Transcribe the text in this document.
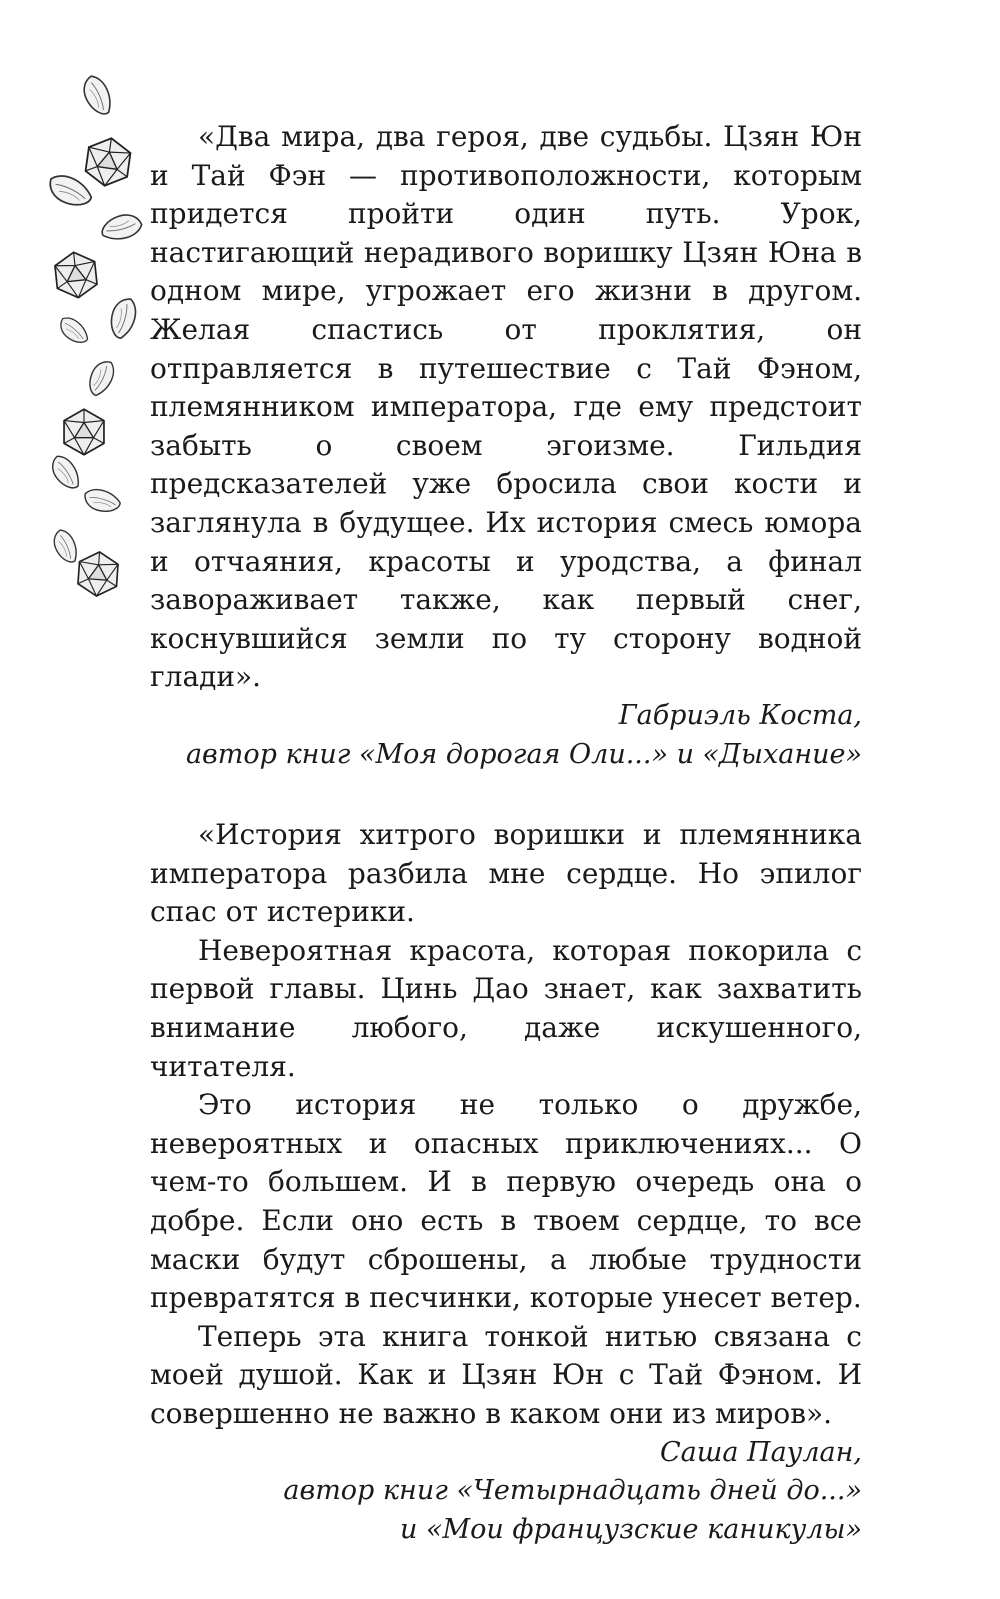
«Два мира, два героя, две судьбы. Цзян Юн и Тай Фэн — противоположности, которым придется пройти один путь. Урок, настигающий нерадивого воришку Цзян Юна в одном мире, угрожает его жизни в другом. Желая спастись от проклятия, он отправляется в путешествие с Тай Фэном, племянником императора, где ему предстоит забыть о своем эгоизме. Гильдия предсказателей уже бросила свои кости и заглянула в будущее. Их история смесь юмора и отчаяния, красоты и уродства, а финал завораживает также, как первый снег, коснувшийся земли по ту сторону водной глади».

Габриэль Коста,
автор книг «Моя дорогая Оли...» и «Дыхание»

«История хитрого воришки и племянника императора разбила мне сердце. Но эпилог спас от истерики.

Невероятная красота, которая покорила с первой главы. Цинь Дао знает, как захватить внимание любого, даже искушенного, читателя.

Это история не только о дружбе, невероятных и опасных приключениях... О чем-то большем. И в первую очередь она о добре. Если оно есть в твоем сердце, то все маски будут сброшены, а любые трудности превратятся в песчинки, которые унесет ветер.

Теперь эта книга тонкой нитью связана с моей душой. Как и Цзян Юн с Тай Фэном. И совершенно не важно в каком они из миров».

Саша Паулан,
автор книг «Четырнадцать дней до...»
и «Мои французские каникулы»
